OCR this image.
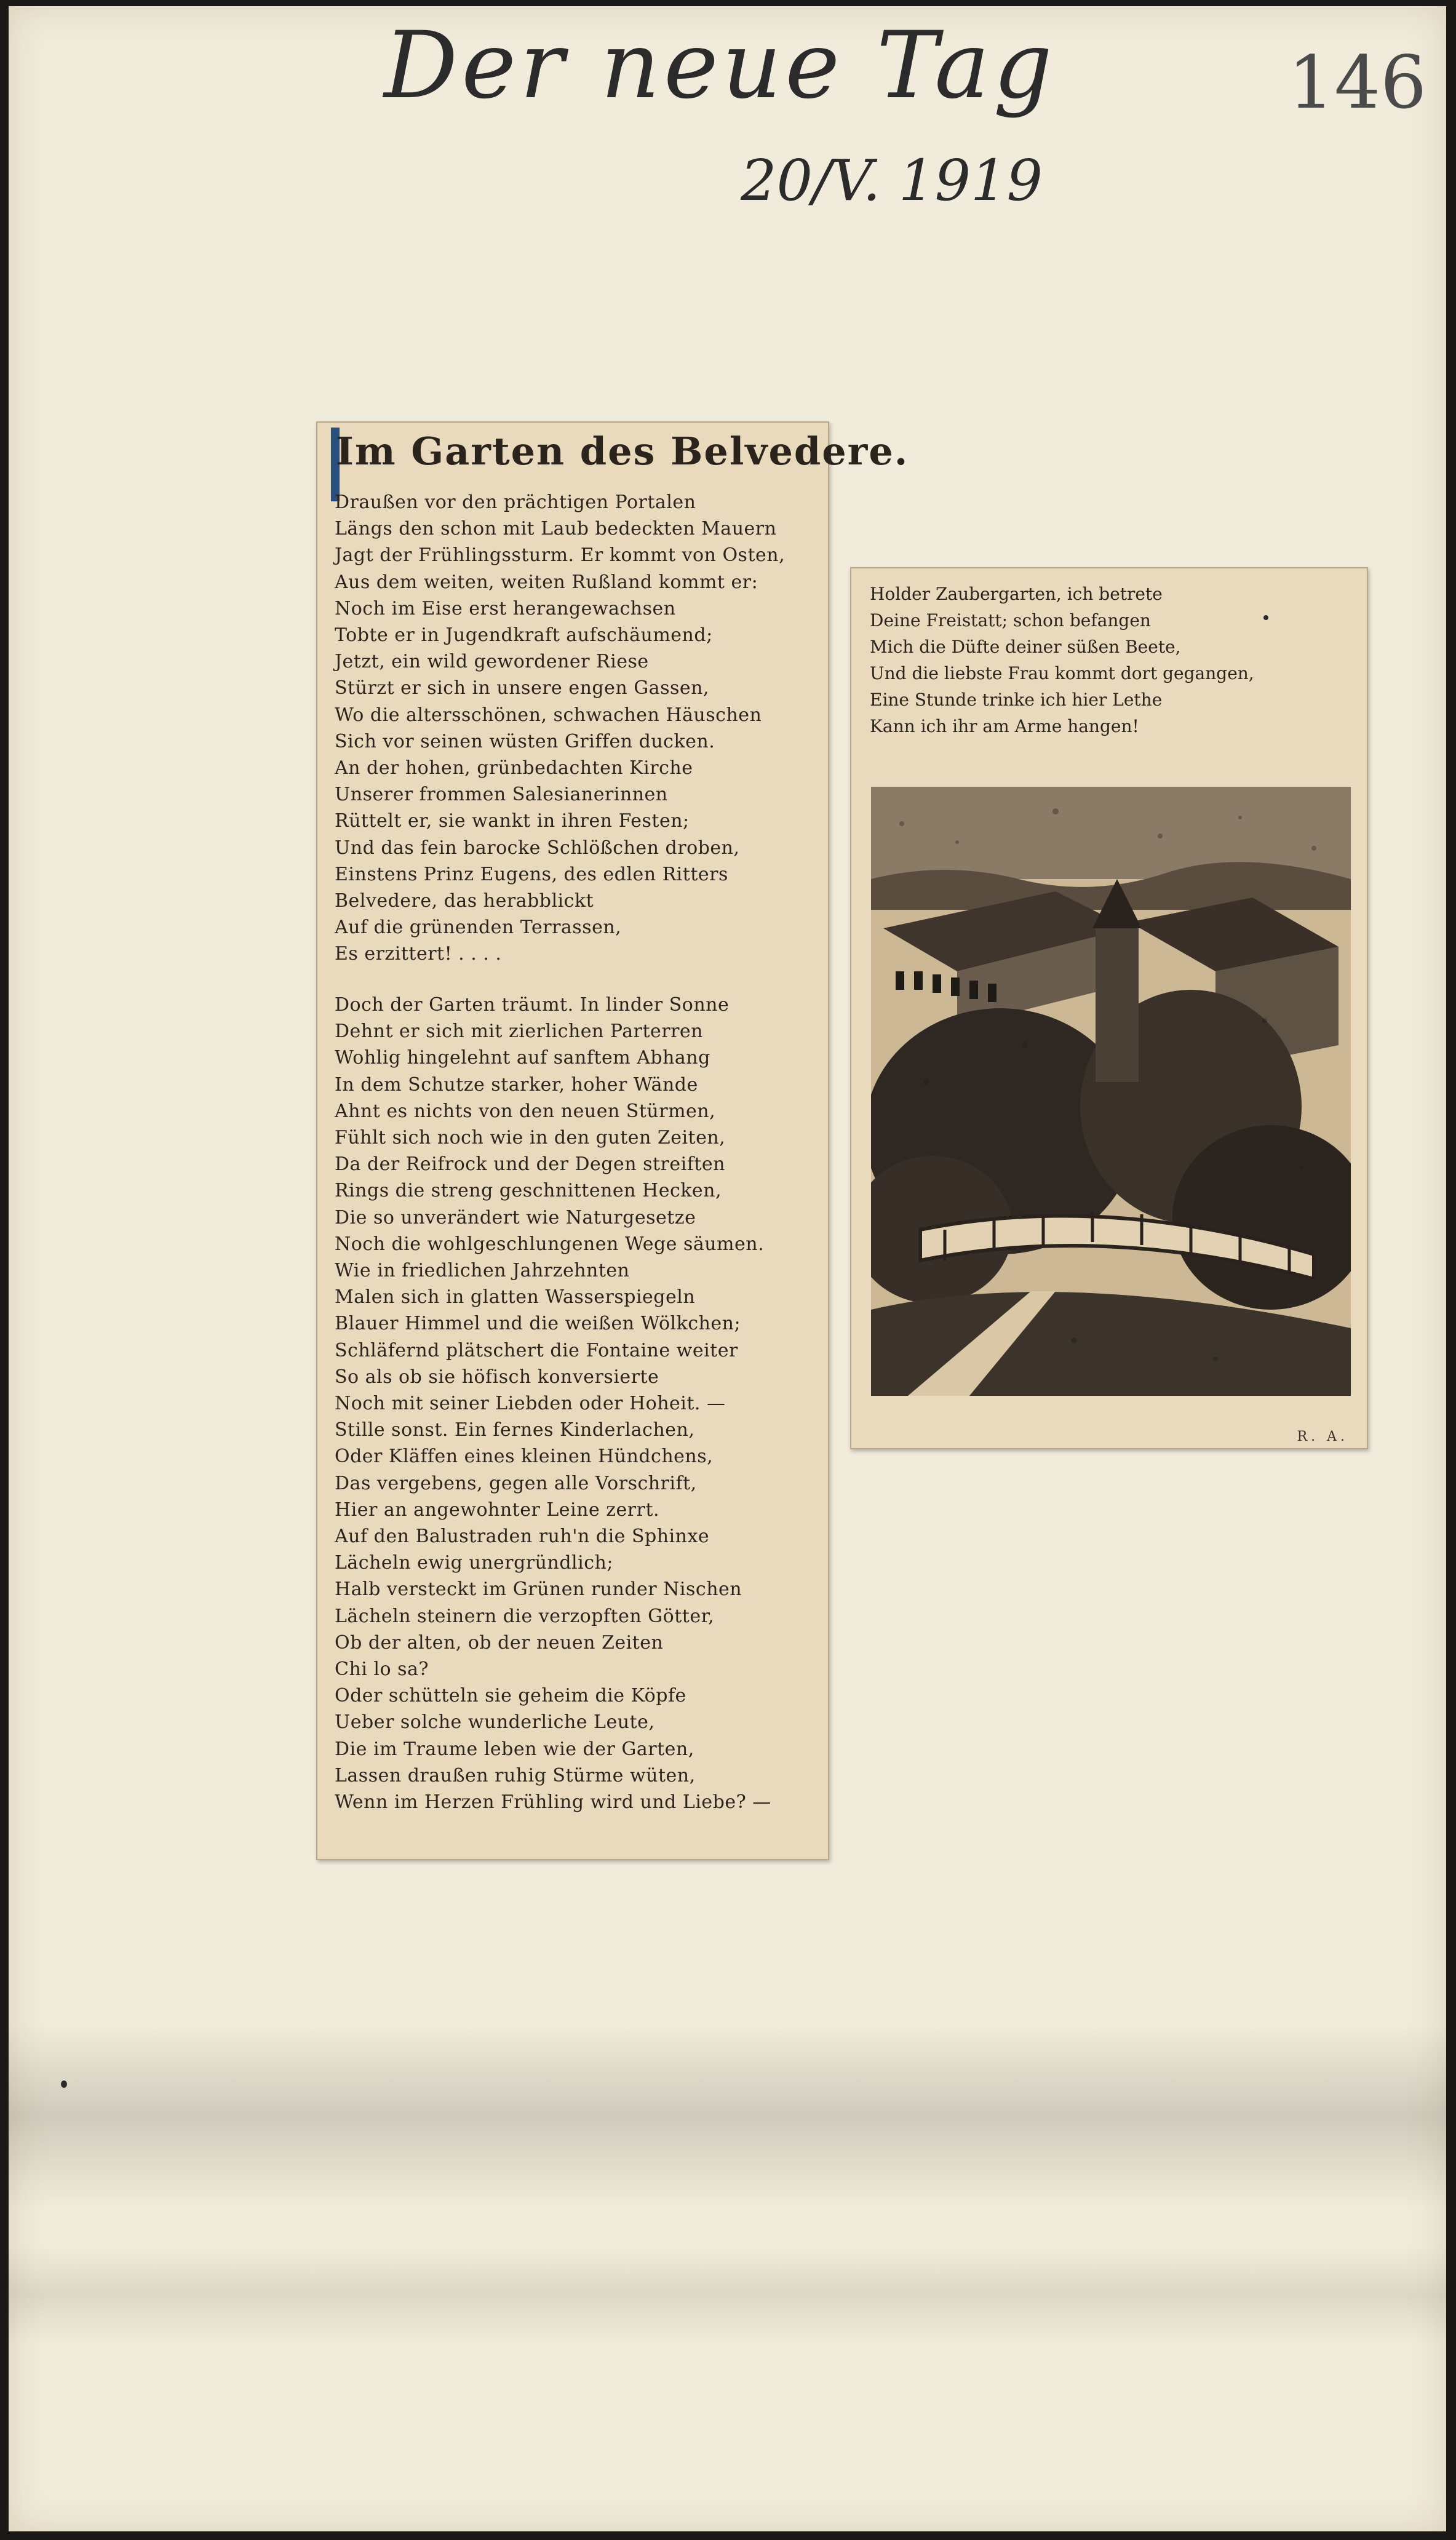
Der neue Tag
20/V. 1919
146
Im Garten des Belvedere.
Draußen vor den prächtigen Portalen
Längs den schon mit Laub bedeckten Mauern
Jagt der Frühlingssturm. Er kommt von Osten,
Aus dem weiten, weiten Rußland kommt er:
Noch im Eise erst herangewachsen
Tobte er in Jugendkraft aufschäumend;
Jetzt, ein wild gewordener Riese
Stürzt er sich in unsere engen Gassen,
Wo die altersschönen, schwachen Häuschen
Sich vor seinen wüsten Griffen ducken.
An der hohen, grünbedachten Kirche
Unserer frommen Salesianerinnen
Rüttelt er, sie wankt in ihren Festen;
Und das fein barocke Schlößchen droben,
Einstens Prinz Eugens, des edlen Ritters
Belvedere, das herabblickt
Auf die grünenden Terrassen,
Es erzittert! . . . .
Doch der Garten träumt. In linder Sonne
Dehnt er sich mit zierlichen Parterren
Wohlig hingelehnt auf sanftem Abhang
In dem Schutze starker, hoher Wände
Ahnt es nichts von den neuen Stürmen,
Fühlt sich noch wie in den guten Zeiten,
Da der Reifrock und der Degen streiften
Rings die streng geschnittenen Hecken,
Die so unverändert wie Naturgesetze
Noch die wohlgeschlungenen Wege säumen.
Wie in friedlichen Jahrzehnten
Malen sich in glatten Wasserspiegeln
Blauer Himmel und die weißen Wölkchen;
Schläfernd plätschert die Fontaine weiter
So als ob sie höfisch konversierte
Noch mit seiner Liebden oder Hoheit. —
Stille sonst. Ein fernes Kinderlachen,
Oder Kläffen eines kleinen Hündchens,
Das vergebens, gegen alle Vorschrift,
Hier an angewohnter Leine zerrt.
Auf den Balustraden ruh'n die Sphinxe
Lächeln ewig unergründlich;
Halb versteckt im Grünen runder Nischen
Lächeln steinern die verzopften Götter,
Ob der alten, ob der neuen Zeiten
Chi lo sa?
Oder schütteln sie geheim die Köpfe
Ueber solche wunderliche Leute,
Die im Traume leben wie der Garten,
Lassen draußen ruhig Stürme wüten,
Wenn im Herzen Frühling wird und Liebe? —
Holder Zaubergarten, ich betrete
Deine Freistatt; schon befangen
Mich die Düfte deiner süßen Beete,
Und die liebste Frau kommt dort gegangen,
Eine Stunde trinke ich hier Lethe
Kann ich ihr am Arme hangen!
R. A.
